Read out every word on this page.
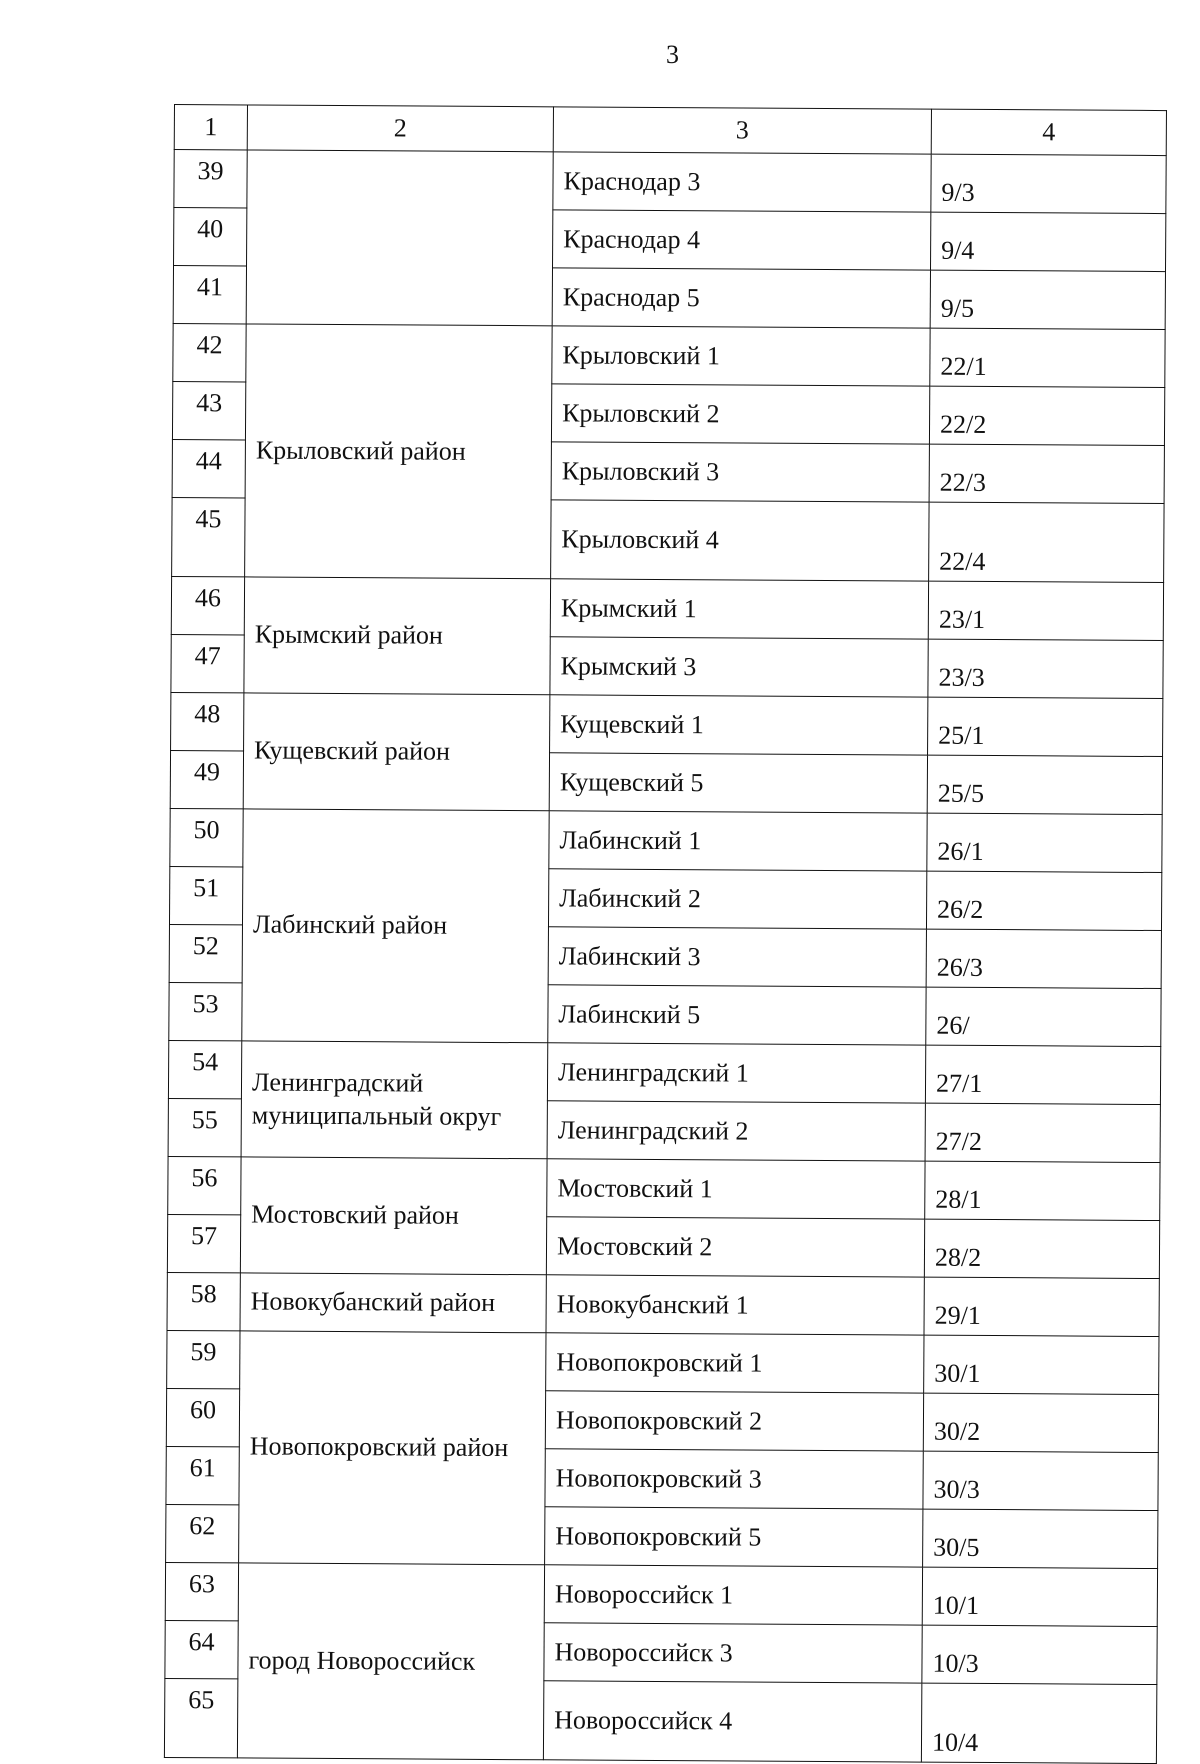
3
1	2	3	4
39		Краснодар 3	9/3
40		Краснодар 4	9/4
41		Краснодар 5	9/5
42	Крыловский район	Крыловский 1	22/1
43		Крыловский 2	22/2
44		Крыловский 3	22/3
45		Крыловский 4	22/4
46	Крымский район	Крымский 1	23/1
47		Крымский 3	23/3
48	Кущевский район	Кущевский 1	25/1
49		Кущевский 5	25/5
50	Лабинский район	Лабинский 1	26/1
51		Лабинский 2	26/2
52		Лабинский 3	26/3
53		Лабинский 5	26/
54	Ленинградский
муниципальный округ	Ленинградский 1	27/1
55		Ленинградский 2	27/2
56	Мостовский район	Мостовский 1	28/1
57		Мостовский 2	28/2
58	Новокубанский район	Новокубанский 1	29/1
59	Новопокровский район	Новопокровский 1	30/1
60		Новопокровский 2	30/2
61		Новопокровский 3	30/3
62		Новопокровский 5	30/5
63	город Новороссийск	Новороссийск 1	10/1
64		Новороссийск 3	10/3
65		Новороссийск 4	10/4
